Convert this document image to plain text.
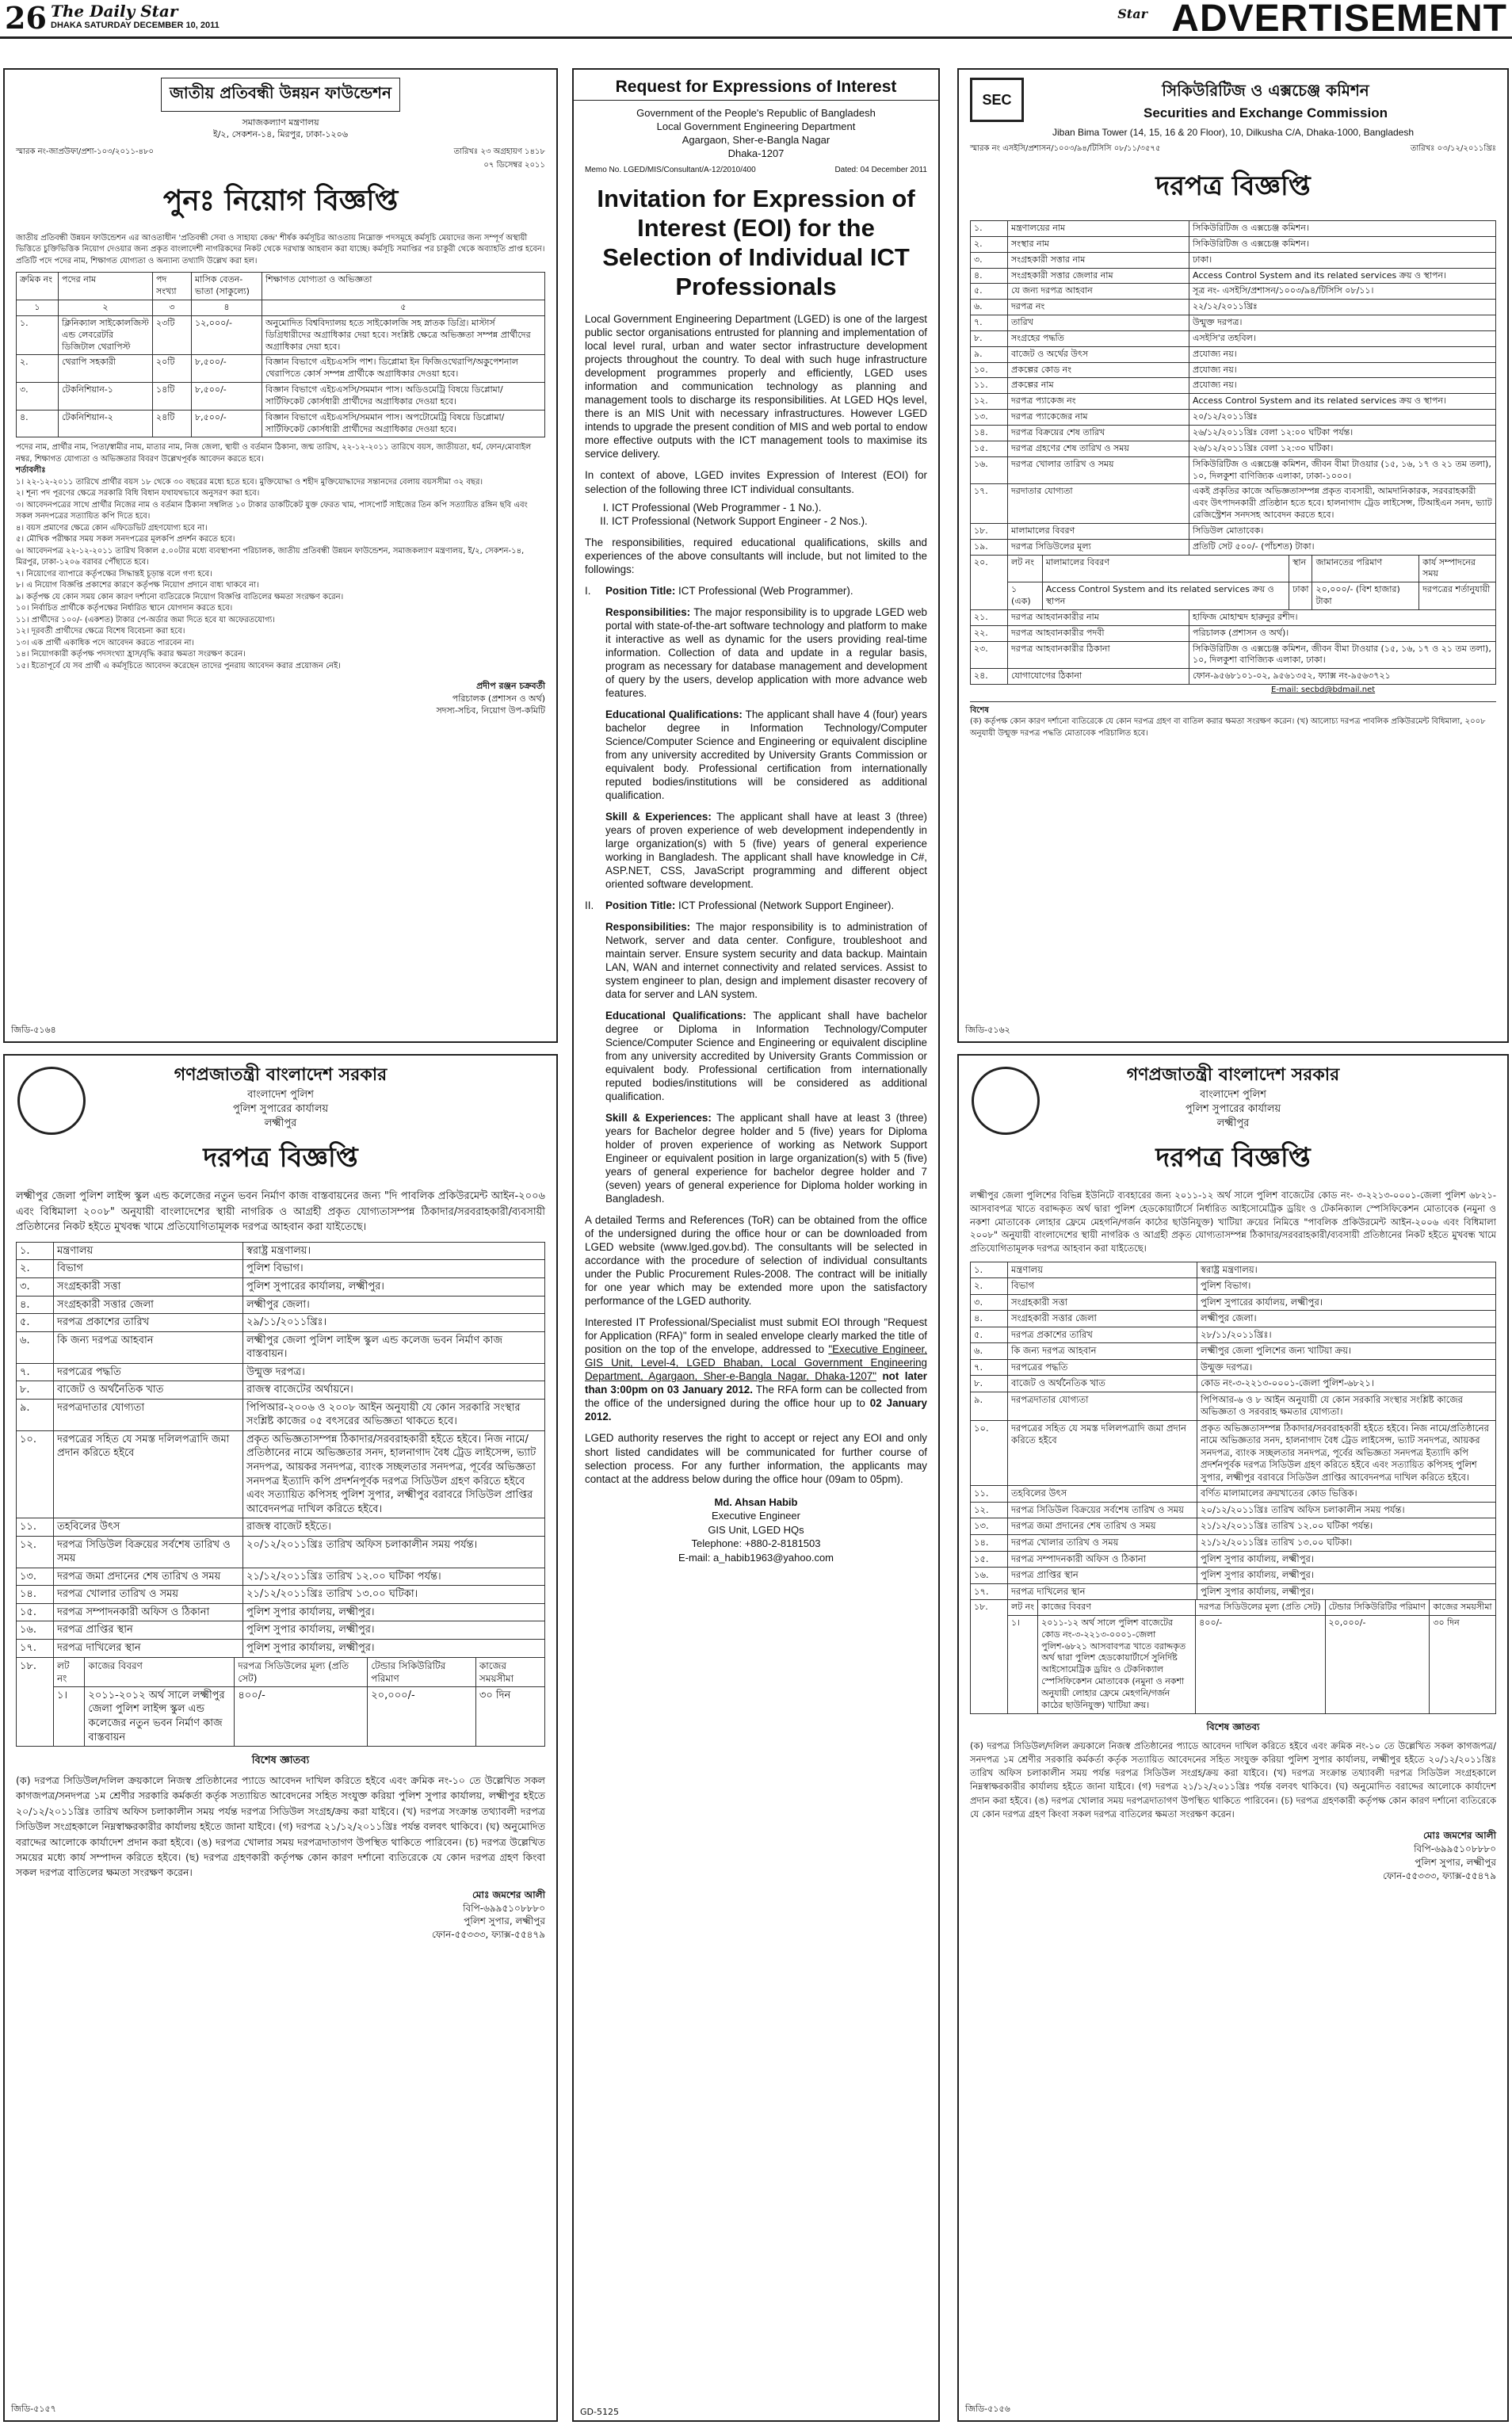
26 The Daily Star
DHAKA SATURDAY DECEMBER 10, 2011
Star ADVERTISEMENT
জাতীয় প্রতিবন্ধী উন্নয়ন ফাউন্ডেশন
সমাজকল্যাণ মন্ত্রণালয়
ই/২, সেকশন-১৪, মিরপুর, ঢাকা-১২০৬
স্মারক নং-জাপ্রউফা/প্রশা-১০৩/২০১১-৪৮০	তারিখঃ ২৩ অগ্রহায়ণ ১৪১৮
০৭ ডিসেম্বর ২০১১
পুনঃ নিয়োগ বিজ্ঞপ্তি
জাতীয় প্রতিবন্ধী উন্নয়ন ফাউন্ডেশন এর আওতাধীন 'প্রতিবন্ধী সেবা ও সাহায্য কেন্দ্র' শীর্ষক কর্মসূচির আওতায় নিম্নোক্ত পদসমূহে কর্মসূচি মেয়াদের জন্য সম্পূর্ণ অস্থায়ী ভিত্তিতে চুক্তিভিত্তিক নিয়োগ দেওয়ার জন্য প্রকৃত বাংলাদেশী নাগরিকদের নিকট থেকে দরখাস্ত আহবান করা যাচ্ছে। কর্মসূচি সমাপ্তির পর চাকুরী থেকে অব্যাহতি প্রাপ্ত হবেন। প্রতিটি পদে পদের নাম, শিক্ষাগত যোগ্যতা ও অন্যান্য তথ্যাদি উল্লেখ করা হল।
ক্রমিক নং	পদের নাম	পদ সংখ্যা	মাসিক বেতন-ভাতা (সাকুল্যে)	শিক্ষাগত যোগ্যতা ও অভিজ্ঞতা
১	২	৩	৪	৫
১.	ক্লিনিক্যাল সাইকোলজিস্ট এন্ড লেবরেটরি ডিজিটাল থেরাপিস্ট	২৩টি	১২,০০০/-	অনুমোদিত বিশ্ববিদ্যালয় হতে সাইকোলজি সহ স্নাতক ডিগ্রি। মাস্টার্স ডিগ্রিধারীদের অগ্রাধিকার দেয়া হবে। সংশ্লিষ্ট ক্ষেত্রে অভিজ্ঞতা সম্পন্ন প্রার্থীদের অগ্রাধিকার দেয়া হবে।
২.	থেরাপি সহকারী	২০টি	৮,৫০০/-	বিজ্ঞান বিভাগে এইচএসসি পাশ। ডিপ্লোমা ইন ফিজিওথেরাপি/অকুপেশনাল থেরাপিতে কোর্স সম্পন্ন প্রার্থীকে অগ্রাধিকার দেওয়া হবে।
৩.	টেকনিশিয়ান-১	১৪টি	৮,৫০০/-	বিজ্ঞান বিভাগে এইচএসসি/সমমান পাস। অডিওমেট্রি বিষয়ে ডিপ্লোমা/সার্টিফিকেট কোর্সধারী প্রার্থীদের অগ্রাধিকার দেওয়া হবে।
৪.	টেকনিশিয়ান-২	২৪টি	৮,৫০০/-	বিজ্ঞান বিভাগে এইচএসসি/সমমান পাস। অপটোমেট্রি বিষয়ে ডিপ্লোমা/সার্টিফিকেট কোর্সধারী প্রার্থীদের অগ্রাধিকার দেওয়া হবে।
পদের নাম, প্রার্থীর নাম, পিতা/স্বামীর নাম, মাতার নাম, নিজ জেলা, স্থায়ী ও বর্তমান ঠিকানা, জন্ম তারিখ, ২২-১২-২০১১ তারিখে বয়স, জাতীয়তা, ধর্ম, ফোন/মোবাইল নম্বর, শিক্ষাগত যোগ্যতা ও অভিজ্ঞতার বিবরণ উল্লেখপূর্বক আবেদন করতে হবে।
শর্তাবলীঃ
১। ২২-১২-২০১১ তারিখে প্রার্থীর বয়স ১৮ থেকে ৩০ বছরের মধ্যে হতে হবে। মুক্তিযোদ্ধা ও শহীদ মুক্তিযোদ্ধাদের সন্তানদের বেলায় বয়সসীমা ৩২ বছর।
২। শূন্য পদ পূরণের ক্ষেত্রে সরকারি বিধি বিধান যথাযথভাবে অনুসরণ করা হবে।
৩। আবেদনপত্রের সাথে প্রার্থীর নিজের নাম ও বর্তমান ঠিকানা সম্বলিত ১০ টাকার ডাকটিকেট যুক্ত ফেরত খাম, পাসপোর্ট সাইজের তিন কপি সত্যায়িত রঙ্গিন ছবি এবং সকল সনদপত্রের সত্যায়িত কপি দিতে হবে।
৪। বয়স প্রমাণের ক্ষেত্রে কোন এফিডেভিট গ্রহণযোগ্য হবে না।
৫। মৌখিক পরীক্ষার সময় সকল সনদপত্রের মূলকপি প্রদর্শন করতে হবে।
৬। আবেদনপত্র ২২-১২-২০১১ তারিখ বিকাল ৫.০০টার মধ্যে ব্যবস্থাপনা পরিচালক, জাতীয় প্রতিবন্ধী উন্নয়ন ফাউন্ডেশন, সমাজকল্যাণ মন্ত্রণালয়, ই/২, সেকশন-১৪, মিরপুর, ঢাকা-১২০৬ বরাবর পৌঁছাতে হবে।
৭। নিয়োগের ব্যাপারে কর্তৃপক্ষের সিদ্ধান্তই চূড়ান্ত বলে গণ্য হবে।
৮। এ নিয়োগ বিজ্ঞপ্তি প্রকাশের কারণে কর্তৃপক্ষ নিয়োগ প্রদানে বাধ্য থাকবে না।
৯। কর্তৃপক্ষ যে কোন সময় কোন কারণ দর্শানো ব্যতিরেকে নিয়োগ বিজ্ঞপ্তি বাতিলের ক্ষমতা সংরক্ষণ করেন।
১০। নির্বাচিত প্রার্থীকে কর্তৃপক্ষের নির্ধারিত স্থানে যোগদান করতে হবে।
১১। প্রার্থীদের ১০০/- (একশত) টাকার পে-অর্ডার জমা দিতে হবে যা অফেরতযোগ্য।
১২। দূরবর্তী প্রার্থীদের ক্ষেত্রে বিশেষ বিবেচনা করা হবে।
১৩। এক প্রার্থী একাধিক পদে আবেদন করতে পারবেন না।
১৪। নিয়োগকারী কর্তৃপক্ষ পদসংখ্যা হ্রাস/বৃদ্ধি করার ক্ষমতা সংরক্ষণ করেন।
১৫। ইতোপূর্বে যে সব প্রার্থী এ কর্মসূচিতে আবেদন করেছেন তাদের পুনরায় আবেদন করার প্রয়োজন নেই।
প্রদীপ রঞ্জন চক্রবর্তী
পরিচালক (প্রশাসন ও অর্থ)
সদস্য-সচিব, নিয়োগ উপ-কমিটি
জিডি-৫১৬৪
Request for Expressions of Interest
Government of the People's Republic of Bangladesh
Local Government Engineering Department
Agargaon, Sher-e-Bangla Nagar
Dhaka-1207
Memo No. LGED/MIS/Consultant/A-12/2010/400	Dated: 04 December 2011
Invitation for Expression of Interest (EOI) for the Selection of Individual ICT Professionals

Local Government Engineering Department (LGED) is one of the largest public sector organisations entrusted for planning and implementation of local level rural, urban and water sector infrastructure development projects throughout the country. To deal with such huge infrastructure development programmes properly and efficiently, LGED uses information and communication technology as planning and management tools to discharge its responsibilities. At LGED HQs level, there is an MIS Unit with necessary infrastructures. However LGED intends to upgrade the present condition of MIS and web portal to endow more effective outputs with the ICT management tools to maximise its service delivery.

In context of above, LGED invites Expression of Interest (EOI) for selection of the following three ICT individual consultants.

I. ICT Professional (Web Programmer - 1 No.).
II. ICT Professional (Network Support Engineer - 2 Nos.).

The responsibilities, required educational qualifications, skills and experiences of the above consultants will include, but not limited to the followings:

I.	Position Title: ICT Professional (Web Programmer).

Responsibilities: The major responsibility is to upgrade LGED web portal with state-of-the-art software technology and platform to make it interactive as well as dynamic for the users providing real-time information. Collection of data and update in a regular basis, program as necessary for database management and development of query by the users, develop application with more advance web features.

Educational Qualifications: The applicant shall have 4 (four) years bachelor degree in Information Technology/Computer Science/Computer Science and Engineering or equivalent discipline from any university accredited by University Grants Commission or equivalent body. Professional certification from internationally reputed bodies/institutions will be considered as additional qualification.

Skill & Experiences: The applicant shall have at least 3 (three) years of proven experience of web development independently in large organization(s) with 5 (five) years of general experience working in Bangladesh. The applicant shall have knowledge in C#, ASP.NET, CSS, JavaScript programming and different object oriented software development.

II.	Position Title: ICT Professional (Network Support Engineer).

Responsibilities: The major responsibility is to administration of Network, server and data center. Configure, troubleshoot and maintain server. Ensure system security and data backup. Maintain LAN, WAN and internet connectivity and related services. Assist to system engineer to plan, design and implement disaster recovery of data for server and LAN system.

Educational Qualifications: The applicant shall have bachelor degree or Diploma in Information Technology/Computer Science/Computer Science and Engineering or equivalent discipline from any university accredited by University Grants Commission or equivalent body. Professional certification from internationally reputed bodies/institutions will be considered as additional qualification.

Skill & Experiences: The applicant shall have at least 3 (three) years for Bachelor degree holder and 5 (five) years for Diploma holder of proven experience of working as Network Support Engineer or equivalent position in large organization(s) with 5 (five) years of general experience for bachelor degree holder and 7 (seven) years of general experience for Diploma holder working in Bangladesh.

A detailed Terms and References (ToR) can be obtained from the office of the undersigned during the office hour or can be downloaded from LGED website (www.lged.gov.bd). The consultants will be selected in accordance with the procedure of selection of individual consultants under the Public Procurement Rules-2008. The contract will be initially for one year which may be extended more upon the satisfactory performance of the LGED authority.

Interested IT Professional/Specialist must submit EOI through "Request for Application (RFA)" form in sealed envelope clearly marked the title of position on the top of the envelope, addressed to "Executive Engineer, GIS Unit, Level-4, LGED Bhaban, Local Government Engineering Department, Agargaon, Sher-e-Bangla Nagar, Dhaka-1207" not later than 3:00pm on 03 January 2012. The RFA form can be collected from the office of the undersigned during the office hour up to 02 January 2012.

LGED authority reserves the right to accept or reject any EOI and only short listed candidates will be communicated for further course of selection process. For any further information, the applicants may contact at the address below during the office hour (09am to 05pm).

Md. Ahsan Habib
Executive Engineer
GIS Unit, LGED HQs
Telephone: +880-2-8181503
E-mail: a_habib1963@yahoo.com
GD-5125
SEC	সিকিউরিটিজ ও এক্সচেঞ্জ কমিশন
Securities and Exchange Commission
Jiban Bima Tower (14, 15, 16 & 20 Floor), 10, Dilkusha C/A, Dhaka-1000, Bangladesh
স্মারক নং এসইসি/প্রশাসন/১০০৩/৯৪/টিসিসি ০৮/১১/৩৫৭৫	তারিখঃ ০৩/১২/২০১১খ্রিঃ
দরপত্র বিজ্ঞপ্তি
১.	মন্ত্রণালয়ের নাম	সিকিউরিটিজ ও এক্সচেঞ্জ কমিশন।
২.	সংস্থার নাম	সিকিউরিটিজ ও এক্সচেঞ্জ কমিশন।
৩.	সংগ্রহকারী সত্তার নাম	ঢাকা।
৪.	সংগ্রহকারী সত্তার জেলার নাম	Access Control System and its related services ক্রয় ও স্থাপন।
৫.	যে জন্য দরপত্র আহবান	সূত্র নং- এসইসি/প্রশাসন/১০০৩/৯৪/টিসিসি ০৮/১১।
৬.	দরপত্র নং	২২/১২/২০১১খ্রিঃ
৭.	তারিখ	উন্মুক্ত দরপত্র।
৮.	সংগ্রহের পদ্ধতি	এসইসি'র তহবিল।
৯.	বাজেট ও অর্থের উৎস	প্রযোজ্য নয়।
১০.	প্রকল্পের কোড নং	প্রযোজ্য নয়।
১১.	প্রকল্পের নাম	প্রযোজ্য নয়।
১২.	দরপত্র প্যাকেজ নং	Access Control System and its related services ক্রয় ও স্থাপন।
১৩.	দরপত্র প্যাকেজের নাম	২০/১২/২০১১খ্রিঃ
১৪.	দরপত্র বিক্রয়ের শেষ তারিখ	২৬/১২/২০১১খ্রিঃ বেলা ১২:০০ ঘটিকা পর্যন্ত।
১৫.	দরপত্র গ্রহণের শেষ তারিখ ও সময়	২৬/১২/২০১১খ্রিঃ বেলা ১২:৩০ ঘটিকা।
১৬.	দরপত্র খোলার তারিখ ও সময়	সিকিউরিটিজ ও এক্সচেঞ্জ কমিশন, জীবন বীমা টাওয়ার (১৫, ১৬, ১৭ ও ২১ তম তলা), ১০, দিলকুশা বাণিজ্যিক এলাকা, ঢাকা-১০০০।
১৭.	দরদাতার যোগ্যতা	একই প্রকৃতির কাজে অভিজ্ঞতাসম্পন্ন প্রকৃত ব্যবসায়ী, আমদানিকারক, সরবরাহকারী এবং উৎপাদনকারী প্রতিষ্ঠান হতে হবে। হালনাগাদ ট্রেড লাইসেন্স, টিআইএন সনদ, ভ্যাট রেজিস্ট্রেশন সনদসহ আবেদন করতে হবে।
১৮.	মালামালের বিবরণ	সিডিউল মোতাবেক।
১৯.	দরপত্র সিডিউলের মূল্য	প্রতিটি সেট ৫০০/- (পাঁচশত) টাকা।
২০.	লট নং	মালামালের বিবরণ	স্থান	জামানতের পরিমাণ	কার্য সম্পাদনের সময়
	১ (এক)	Access Control System and its related services ক্রয় ও স্থাপন	ঢাকা	২০,০০০/- (বিশ হাজার) টাকা	দরপত্রের শর্তানুযায়ী
২১.	দরপত্র আহবানকারীর নাম	হাফিজ মোহাম্মদ হারুনুর রশীদ।
২২.	দরপত্র আহবানকারীর পদবী	পরিচালক (প্রশাসন ও অর্থ)।
২৩.	দরপত্র আহবানকারীর ঠিকানা	সিকিউরিটিজ ও এক্সচেঞ্জ কমিশন, জীবন বীমা টাওয়ার (১৫, ১৬, ১৭ ও ২১ তম তলা), ১০, দিলকুশা বাণিজ্যিক এলাকা, ঢাকা।
২৪.	যোগাযোগের ঠিকানা	ফোন-৯৫৬৮১০১-০২, ৯৫৬১৩৫২, ফ্যাক্স নং-৯৫৬৩৭২১
E-mail: secbd@bdmail.net
বিশেষ
(ক) কর্তৃপক্ষ কোন কারণ দর্শানো ব্যতিরেকে যে কোন দরপত্র গ্রহণ বা বাতিল করার ক্ষমতা সংরক্ষণ করেন। (খ) আলোচ্য দরপত্র পাবলিক প্রকিউরমেন্ট বিধিমালা, ২০০৮ অনুযায়ী উন্মুক্ত দরপত্র পদ্ধতি মোতাবেক পরিচালিত হবে।
জিডি-৫১৬২
গণপ্রজাতন্ত্রী বাংলাদেশ সরকার
বাংলাদেশ পুলিশ
পুলিশ সুপারের কার্যালয়
লক্ষ্মীপুর
দরপত্র বিজ্ঞপ্তি
লক্ষ্মীপুর জেলা পুলিশ লাইন্স স্কুল এন্ড কলেজের নতুন ভবন নির্মাণ কাজ বাস্তবায়নের জন্য "দি পাবলিক প্রকিউরমেন্ট আইন-২০০৬ এবং বিধিমালা ২০০৮" অনুযায়ী বাংলাদেশের স্থায়ী নাগরিক ও আগ্রহী প্রকৃত যোগ্যতাসম্পন্ন ঠিকাদার/সরবরাহকারী/ব্যবসায়ী প্রতিষ্ঠানের নিকট হইতে মুখবন্ধ খামে প্রতিযোগিতামূলক দরপত্র আহবান করা যাইতেছে।
১.	মন্ত্রণালয়	স্বরাষ্ট্র মন্ত্রণালয়।
২.	বিভাগ	পুলিশ বিভাগ।
৩.	সংগ্রহকারী সত্তা	পুলিশ সুপারের কার্যালয়, লক্ষ্মীপুর।
৪.	সংগ্রহকারী সত্তার জেলা	লক্ষ্মীপুর জেলা।
৫.	দরপত্র প্রকাশের তারিখ	২৯/১১/২০১১খ্রিঃ।
৬.	কি জন্য দরপত্র আহবান	লক্ষ্মীপুর জেলা পুলিশ লাইন্স স্কুল এন্ড কলেজ ভবন নির্মাণ কাজ বাস্তবায়ন।
৭.	দরপত্রের পদ্ধতি	উন্মুক্ত দরপত্র।
৮.	বাজেট ও অর্থনৈতিক খাত	রাজস্ব বাজেটের অর্থায়নে।
৯.	দরপত্রদাতার যোগ্যতা	পিপিআর-২০০৬ ও ২০০৮ আইন অনুযায়ী যে কোন সরকারি সংস্থার সংশ্লিষ্ট কাজের ০৫ বৎসরের অভিজ্ঞতা থাকতে হবে।
১০.	দরপত্রের সহিত যে সমস্ত দলিলপত্রাদি জমা প্রদান করিতে হইবে	প্রকৃত অভিজ্ঞতাসম্পন্ন ঠিকাদার/সরবরাহকারী হইতে হইবে। নিজ নামে/প্রতিষ্ঠানের নামে অভিজ্ঞতার সনদ, হালনাগাদ বৈধ ট্রেড লাইসেন্স, ভ্যাট সনদপত্র, আয়কর সনদপত্র, ব্যাংক সচ্ছলতার সনদপত্র, পূর্বের অভিজ্ঞতা সনদপত্র ইত্যাদি কপি প্রদর্শনপূর্বক দরপত্র সিডিউল গ্রহণ করিতে হইবে এবং সত্যায়িত কপিসহ পুলিশ সুপার, লক্ষ্মীপুর বরাবরে সিডিউল প্রাপ্তির আবেদনপত্র দাখিল করিতে হইবে।
১১.	তহবিলের উৎস	রাজস্ব বাজেট হইতে।
১২.	দরপত্র সিডিউল বিক্রয়ের সর্বশেষ তারিখ ও সময়	২০/১২/২০১১খ্রিঃ তারিখ অফিস চলাকালীন সময় পর্যন্ত।
১৩.	দরপত্র জমা প্রদানের শেষ তারিখ ও সময়	২১/১২/২০১১খ্রিঃ তারিখ ১২.০০ ঘটিকা পর্যন্ত।
১৪.	দরপত্র খোলার তারিখ ও সময়	২১/১২/২০১১খ্রিঃ তারিখ ১৩.০০ ঘটিকা।
১৫.	দরপত্র সম্পাদনকারী অফিস ও ঠিকানা	পুলিশ সুপার কার্যালয়, লক্ষ্মীপুর।
১৬.	দরপত্র প্রাপ্তির স্থান	পুলিশ সুপার কার্যালয়, লক্ষ্মীপুর।
১৭.	দরপত্র দাখিলের স্থান	পুলিশ সুপার কার্যালয়, লক্ষ্মীপুর।
১৮.	লট নং	কাজের বিবরণ	দরপত্র সিডিউলের মূল্য (প্রতি সেট)	টেন্ডার সিকিউরিটির পরিমাণ	কাজের সময়সীমা
	১।	২০১১-২০১২ অর্থ সালে লক্ষ্মীপুর জেলা পুলিশ লাইন্স স্কুল এন্ড কলেজের নতুন ভবন নির্মাণ কাজ বাস্তবায়ন	৪০০/-	২০,০০০/-	৩০ দিন
বিশেষ জ্ঞাতব্য
(ক) দরপত্র সিডিউল/দলিল ক্রয়কালে নিজস্ব প্রতিষ্ঠানের প্যাডে আবেদন দাখিল করিতে হইবে এবং ক্রমিক নং-১০ তে উল্লেখিত সকল কাগজপত্র/সনদপত্র ১ম শ্রেণীর সরকারি কর্মকর্তা কর্তৃক সত্যায়িত আবেদনের সহিত সংযুক্ত করিয়া পুলিশ সুপার কার্যালয়, লক্ষ্মীপুর হইতে ২০/১২/২০১১খ্রিঃ তারিখ অফিস চলাকালীন সময় পর্যন্ত দরপত্র সিডিউল সংগ্রহ/ক্রয় করা যাইবে। (খ) দরপত্র সংক্রান্ত তথ্যাবলী দরপত্র সিডিউল সংগ্রহকালে নিম্নস্বাক্ষরকারীর কার্যালয় হইতে জানা যাইবে। (গ) দরপত্র ২১/১২/২০১১খ্রিঃ পর্যন্ত বলবৎ থাকিবে। (ঘ) অনুমোদিত বরাদ্দের আলোকে কার্যাদেশ প্রদান করা হইবে। (ঙ) দরপত্র খোলার সময় দরপত্রদাতাগণ উপস্থিত থাকিতে পারিবেন। (চ) দরপত্র উল্লেখিত সময়ের মধ্যে কার্য সম্পাদন করিতে হইবে। (ছ) দরপত্র গ্রহণকারী কর্তৃপক্ষ কোন কারণ দর্শানো ব্যতিরেকে যে কোন দরপত্র গ্রহণ কিংবা সকল দরপত্র বাতিলের ক্ষমতা সংরক্ষণ করেন।
মোঃ জমশের আলী
বিপি-৬৯৯৫১০৮৮৮০
পুলিশ সুপার, লক্ষ্মীপুর
ফোন-৫৫৩৩৩, ফ্যাক্স-৫৫৪৭৯
জিডি-৫১৫৭
গণপ্রজাতন্ত্রী বাংলাদেশ সরকার
বাংলাদেশ পুলিশ
পুলিশ সুপারের কার্যালয়
লক্ষ্মীপুর
দরপত্র বিজ্ঞপ্তি
লক্ষ্মীপুর জেলা পুলিশের বিভিন্ন ইউনিটে ব্যবহারের জন্য ২০১১-১২ অর্থ সালে পুলিশ বাজেটের কোড নং- ৩-২২১৩-০০০১-জেলা পুলিশ ৬৮২১-আসবাবপত্র খাতে বরাদ্দকৃত অর্থ দ্বারা পুলিশ হেডকোয়ার্টার্সে নির্ধারিত আইসোমেট্রিক ড্রয়িং ও টেকনিক্যাল স্পেসিফিকেশন মোতাবেক (নমুনা ও নকশা মোতাবেক লোহার ফ্রেমে মেহগনি/গর্জন কাঠের ছাউনিযুক্ত) খাটিয়া ক্রয়ের নিমিত্তে "পাবলিক প্রকিউরমেন্ট আইন-২০০৬ এবং বিধিমালা ২০০৮" অনুযায়ী বাংলাদেশের স্থায়ী নাগরিক ও আগ্রহী প্রকৃত যোগ্যতাসম্পন্ন ঠিকাদার/সরবরাহকারী/ব্যবসায়ী প্রতিষ্ঠানের নিকট হইতে মুখবন্ধ খামে প্রতিযোগিতামূলক দরপত্র আহবান করা যাইতেছে।
১.	মন্ত্রণালয়	স্বরাষ্ট্র মন্ত্রণালয়।
২.	বিভাগ	পুলিশ বিভাগ।
৩.	সংগ্রহকারী সত্তা	পুলিশ সুপারের কার্যালয়, লক্ষ্মীপুর।
৪.	সংগ্রহকারী সত্তার জেলা	লক্ষ্মীপুর জেলা।
৫.	দরপত্র প্রকাশের তারিখ	২৮/১১/২০১১খ্রিঃ।
৬.	কি জন্য দরপত্র আহবান	লক্ষ্মীপুর জেলা পুলিশের জন্য খাটিয়া ক্রয়।
৭.	দরপত্রের পদ্ধতি	উন্মুক্ত দরপত্র।
৮.	বাজেট ও অর্থনৈতিক খাত	কোড নং-৩-২২১৩-০০০১-জেলা পুলিশ-৬৮২১।
৯.	দরপত্রদাতার যোগ্যতা	পিপিআর-৬ ও ৮ আইন অনুযায়ী যে কোন সরকারি সংস্থার সংশ্লিষ্ট কাজের অভিজ্ঞতা ও সরবরাহ ক্ষমতার যোগ্যতা।
১০.	দরপত্রের সহিত যে সমস্ত দলিলপত্রাদি জমা প্রদান করিতে হইবে	প্রকৃত অভিজ্ঞতাসম্পন্ন ঠিকাদার/সরবরাহকারী হইতে হইবে। নিজ নামে/প্রতিষ্ঠানের নামে অভিজ্ঞতার সনদ, হালনাগাদ বৈধ ট্রেড লাইসেন্স, ভ্যাট সনদপত্র, আয়কর সনদপত্র, ব্যাংক সচ্ছলতার সনদপত্র, পূর্বের অভিজ্ঞতা সনদপত্র ইত্যাদি কপি প্রদর্শনপূর্বক দরপত্র সিডিউল গ্রহণ করিতে হইবে এবং সত্যায়িত কপিসহ পুলিশ সুপার, লক্ষ্মীপুর বরাবরে সিডিউল প্রাপ্তির আবেদনপত্র দাখিল করিতে হইবে।
১১.	তহবিলের উৎস	বর্ণিত মালামালের ক্রয়খাতের কোড ভিত্তিক।
১২.	দরপত্র সিডিউল বিক্রয়ের সর্বশেষ তারিখ ও সময়	২০/১২/২০১১খ্রিঃ তারিখ অফিস চলাকালীন সময় পর্যন্ত।
১৩.	দরপত্র জমা প্রদানের শেষ তারিখ ও সময়	২১/১২/২০১১খ্রিঃ তারিখ ১২.০০ ঘটিকা পর্যন্ত।
১৪.	দরপত্র খোলার তারিখ ও সময়	২১/১২/২০১১খ্রিঃ তারিখ ১৩.০০ ঘটিকা।
১৫.	দরপত্র সম্পাদনকারী অফিস ও ঠিকানা	পুলিশ সুপার কার্যালয়, লক্ষ্মীপুর।
১৬.	দরপত্র প্রাপ্তির স্থান	পুলিশ সুপার কার্যালয়, লক্ষ্মীপুর।
১৭.	দরপত্র দাখিলের স্থান	পুলিশ সুপার কার্যালয়, লক্ষ্মীপুর।
১৮.	লট নং	কাজের বিবরণ	দরপত্র সিডিউলের মূল্য (প্রতি সেট)	টেন্ডার সিকিউরিটির পরিমাণ	কাজের সময়সীমা
	১।	২০১১-১২ অর্থ সালে পুলিশ বাজেটের কোড নং-৩-২২১৩-০০০১-জেলা পুলিশ-৬৮২১ আসবাবপত্র খাতে বরাদ্দকৃত অর্থ দ্বারা পুলিশ হেডকোয়ার্টার্সে সুনির্দিষ্ট আইসোমেট্রিক ড্রয়িং ও টেকনিক্যাল স্পেসিফিকেশন মোতাবেক (নমুনা ও নকশা অনুযায়ী লোহার ফ্রেমে মেহগনি/গর্জন কাঠের ছাউনিযুক্ত) খাটিয়া ক্রয়।	৪০০/-	২০,০০০/-	৩০ দিন
বিশেষ জ্ঞাতব্য
(ক) দরপত্র সিডিউল/দলিল ক্রয়কালে নিজস্ব প্রতিষ্ঠানের প্যাডে আবেদন দাখিল করিতে হইবে এবং ক্রমিক নং-১০ তে উল্লেখিত সকল কাগজপত্র/সনদপত্র ১ম শ্রেণীর সরকারি কর্মকর্তা কর্তৃক সত্যায়িত আবেদনের সহিত সংযুক্ত করিয়া পুলিশ সুপার কার্যালয়, লক্ষ্মীপুর হইতে ২০/১২/২০১১খ্রিঃ তারিখ অফিস চলাকালীন সময় পর্যন্ত দরপত্র সিডিউল সংগ্রহ/ক্রয় করা যাইবে। (খ) দরপত্র সংক্রান্ত তথ্যাবলী দরপত্র সিডিউল সংগ্রহকালে নিম্নস্বাক্ষরকারীর কার্যালয় হইতে জানা যাইবে। (গ) দরপত্র ২১/১২/২০১১খ্রিঃ পর্যন্ত বলবৎ থাকিবে। (ঘ) অনুমোদিত বরাদ্দের আলোকে কার্যাদেশ প্রদান করা হইবে। (ঙ) দরপত্র খোলার সময় দরপত্রদাতাগণ উপস্থিত থাকিতে পারিবেন। (চ) দরপত্র গ্রহণকারী কর্তৃপক্ষ কোন কারণ দর্শানো ব্যতিরেকে যে কোন দরপত্র গ্রহণ কিংবা সকল দরপত্র বাতিলের ক্ষমতা সংরক্ষণ করেন।
মোঃ জমশের আলী
বিপি-৬৯৯৫১০৮৮৮০
পুলিশ সুপার, লক্ষ্মীপুর
ফোন-৫৫৩৩৩, ফ্যাক্স-৫৫৪৭৯
জিডি-৫১৫৬
